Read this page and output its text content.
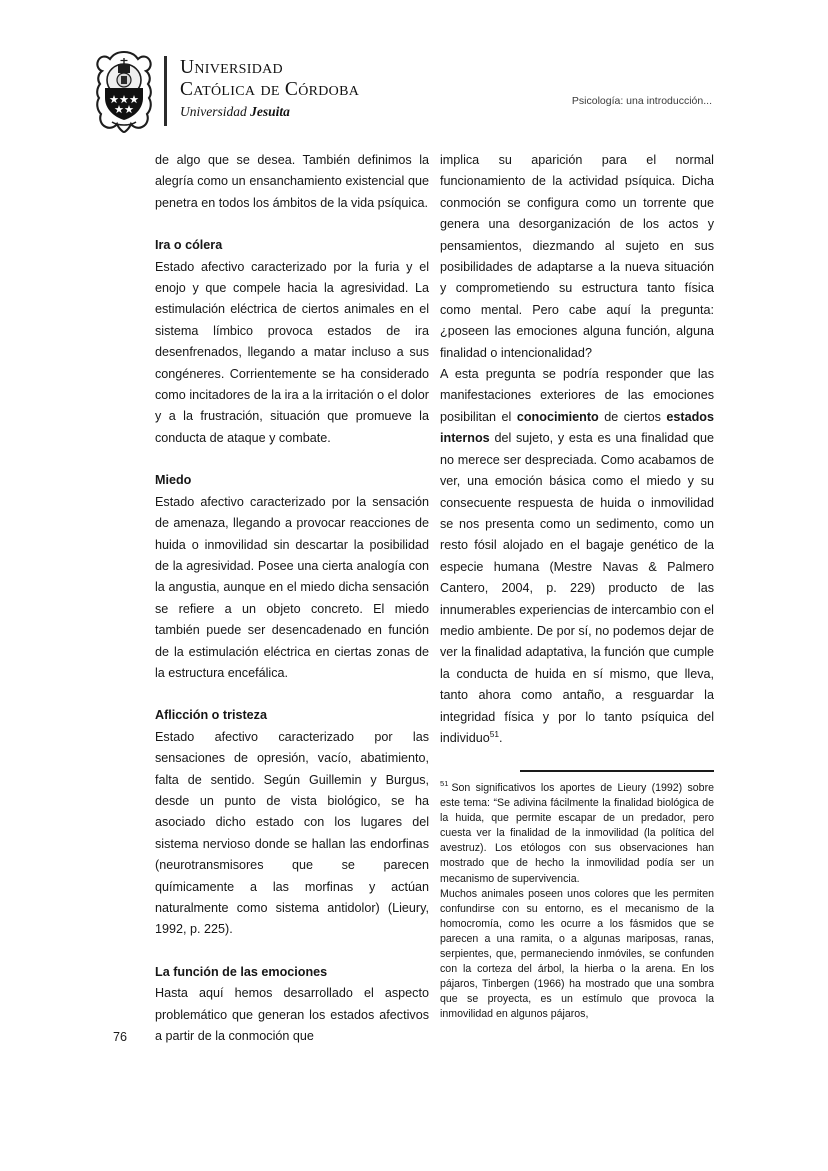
Universidad
Católica de Córdoba
Universidad Jesuita
Psicología: una introducción...

de algo que se desea. También definimos la alegría como un ensanchamiento existencial que penetra en todos los ámbitos de la vida psíquica.

Ira o cólera

Estado afectivo caracterizado por la furia y el enojo y que compele hacia la agresividad. La estimulación eléctrica de ciertos animales en el sistema límbico provoca estados de ira desenfrenados, llegando a matar incluso a sus congéneres. Corrientemente se ha considerado como incitadores de la ira a la irritación o el dolor y a la frustración, situación que promueve la conducta de ataque y combate.

Miedo

Estado afectivo caracterizado por la sensación de amenaza, llegando a provocar reacciones de huida o inmovilidad sin descartar la posibilidad de la agresividad. Posee una cierta analogía con la angustia, aunque en el miedo dicha sensación se refiere a un objeto concreto. El miedo también puede ser desencadenado en función de la estimulación eléctrica en ciertas zonas de la estructura encefálica.

Aflicción o tristeza

Estado afectivo caracterizado por las sensaciones de opresión, vacío, abatimiento, falta de sentido. Según Guillemin y Burgus, desde un punto de vista biológico, se ha asociado dicho estado con los lugares del sistema nervioso donde se hallan las endorfinas (neurotransmisores que se parecen químicamente a las morfinas y actúan naturalmente como sistema antidolor) (Lieury, 1992, p. 225).

La función de las emociones

Hasta aquí hemos desarrollado el aspecto problemático que generan los estados afectivos a partir de la conmoción que

implica su aparición para el normal funcionamiento de la actividad psíquica. Dicha conmoción se configura como un torrente que genera una desorganización de los actos y pensamientos, diezmando al sujeto en sus posibilidades de adaptarse a la nueva situación y comprometiendo su estructura tanto física como mental. Pero cabe aquí la pregunta: ¿poseen las emociones alguna función, alguna finalidad o intencionalidad?

A esta pregunta se podría responder que las manifestaciones exteriores de las emociones posibilitan el conocimiento de ciertos estados internos del sujeto, y esta es una finalidad que no merece ser despreciada. Como acabamos de ver, una emoción básica como el miedo y su consecuente respuesta de huida o inmovilidad se nos presenta como un sedimento, como un resto fósil alojado en el bagaje genético de la especie humana (Mestre Navas & Palmero Cantero, 2004, p. 229) producto de las innumerables experiencias de intercambio con el medio ambiente. De por sí, no podemos dejar de ver la finalidad adaptativa, la función que cumple la conducta de huida en sí mismo, que lleva, tanto ahora como antaño, a resguardar la integridad física y por lo tanto psíquica del individuo$^{51}$.

$^{51}$ Son significativos los aportes de Lieury (1992) sobre este tema: “Se adivina fácilmente la finalidad biológica de la huida, que permite escapar de un predador, pero cuesta ver la finalidad de la inmovilidad (la política del avestruz). Los etólogos con sus observaciones han mostrado que de hecho la inmovilidad podía ser un mecanismo de supervivencia.

Muchos animales poseen unos colores que les permiten confundirse con su entorno, es el mecanismo de la homocromía, como les ocurre a los fásmidos que se parecen a una ramita, o a algunas mariposas, ranas, serpientes, que, permaneciendo inmóviles, se confunden con la corteza del árbol, la hierba o la arena. En los pájaros, Tinbergen (1966) ha mostrado que una sombra que se proyecta, es un estímulo que provoca la inmovilidad en algunos pájaros,

76
